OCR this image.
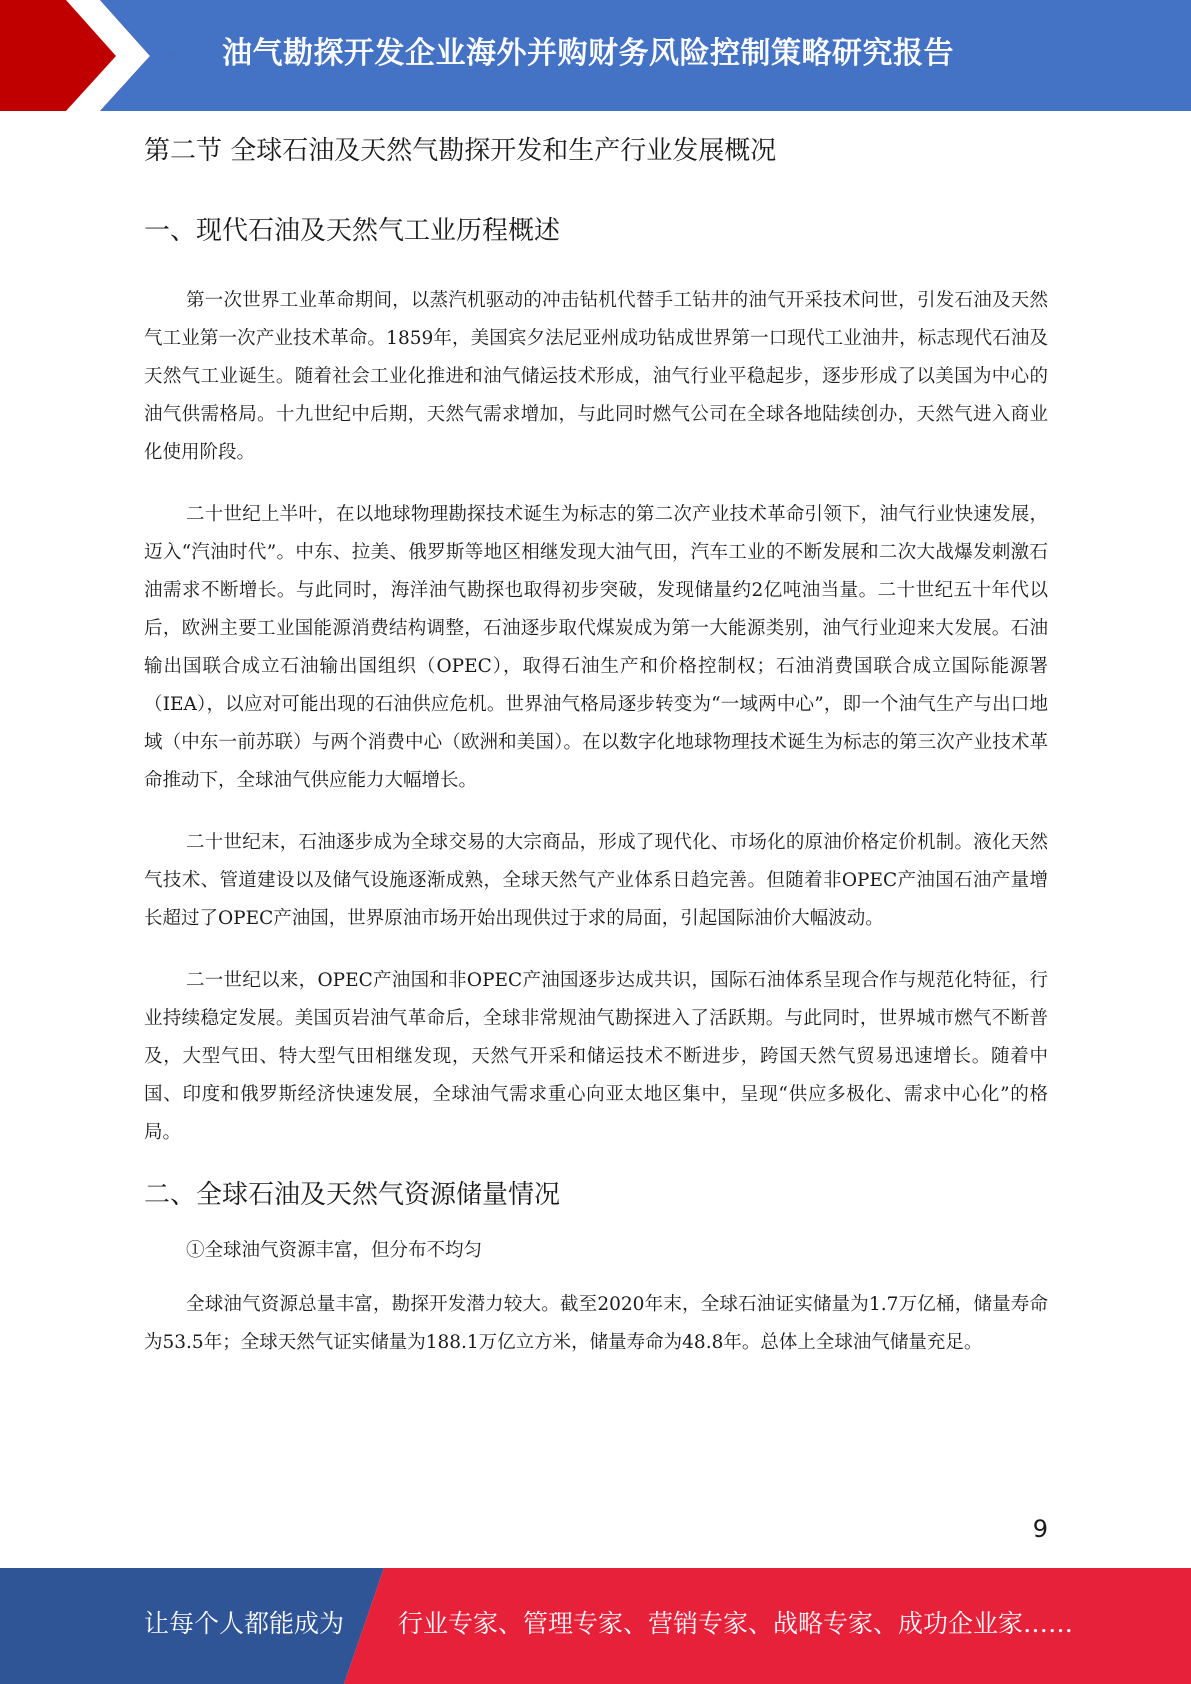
油气勘探开发企业海外并购财务风险控制策略研究报告
第二节 全球石油及天然气勘探开发和生产行业发展概况
一、现代石油及天然气工业历程概述

第一次世界工业革命期间，以蒸汽机驱动的冲击钻机代替手工钻井的油气开采技术问世，引发石油及天然气工业第一次产业技术革命。1859年，美国宾夕法尼亚州成功钻成世界第一口现代工业油井，标志现代石油及天然气工业诞生。随着社会工业化推进和油气储运技术形成，油气行业平稳起步，逐步形成了以美国为中心的油气供需格局。十九世纪中后期，天然气需求增加，与此同时燃气公司在全球各地陆续创办，天然气进入商业化使用阶段。

二十世纪上半叶，在以地球物理勘探技术诞生为标志的第二次产业技术革命引领下，油气行业快速发展，迈入“汽油时代”。中东、拉美、俄罗斯等地区相继发现大油气田，汽车工业的不断发展和二次大战爆发刺激石油需求不断增长。与此同时，海洋油气勘探也取得初步突破，发现储量约2亿吨油当量。二十世纪五十年代以后，欧洲主要工业国能源消费结构调整，石油逐步取代煤炭成为第一大能源类别，油气行业迎来大发展。石油输出国联合成立石油输出国组织（OPEC），取得石油生产和价格控制权；石油消费国联合成立国际能源署（IEA），以应对可能出现的石油供应危机。世界油气格局逐步转变为“一域两中心”，即一个油气生产与出口地域（中东一前苏联）与两个消费中心（欧洲和美国）。在以数字化地球物理技术诞生为标志的第三次产业技术革命推动下，全球油气供应能力大幅增长。

二十世纪末，石油逐步成为全球交易的大宗商品，形成了现代化、市场化的原油价格定价机制。液化天然气技术、管道建设以及储气设施逐渐成熟，全球天然气产业体系日趋完善。但随着非OPEC产油国石油产量增长超过了OPEC产油国，世界原油市场开始出现供过于求的局面，引起国际油价大幅波动。

二一世纪以来，OPEC产油国和非OPEC产油国逐步达成共识，国际石油体系呈现合作与规范化特征，行业持续稳定发展。美国页岩油气革命后，全球非常规油气勘探进入了活跃期。与此同时，世界城市燃气不断普及，大型气田、特大型气田相继发现，天然气开采和储运技术不断进步，跨国天然气贸易迅速增长。随着中国、印度和俄罗斯经济快速发展，全球油气需求重心向亚太地区集中，呈现“供应多极化、需求中心化”的格局。

二、全球石油及天然气资源储量情况

①全球油气资源丰富，但分布不均匀

全球油气资源总量丰富，勘探开发潜力较大。截至2020年末，全球石油证实储量为1.7万亿桶，储量寿命为53.5年；全球天然气证实储量为188.1万亿立方米，储量寿命为48.8年。总体上全球油气储量充足。

9
让每个人都能成为 行业专家、管理专家、营销专家、战略专家、成功企业家……
